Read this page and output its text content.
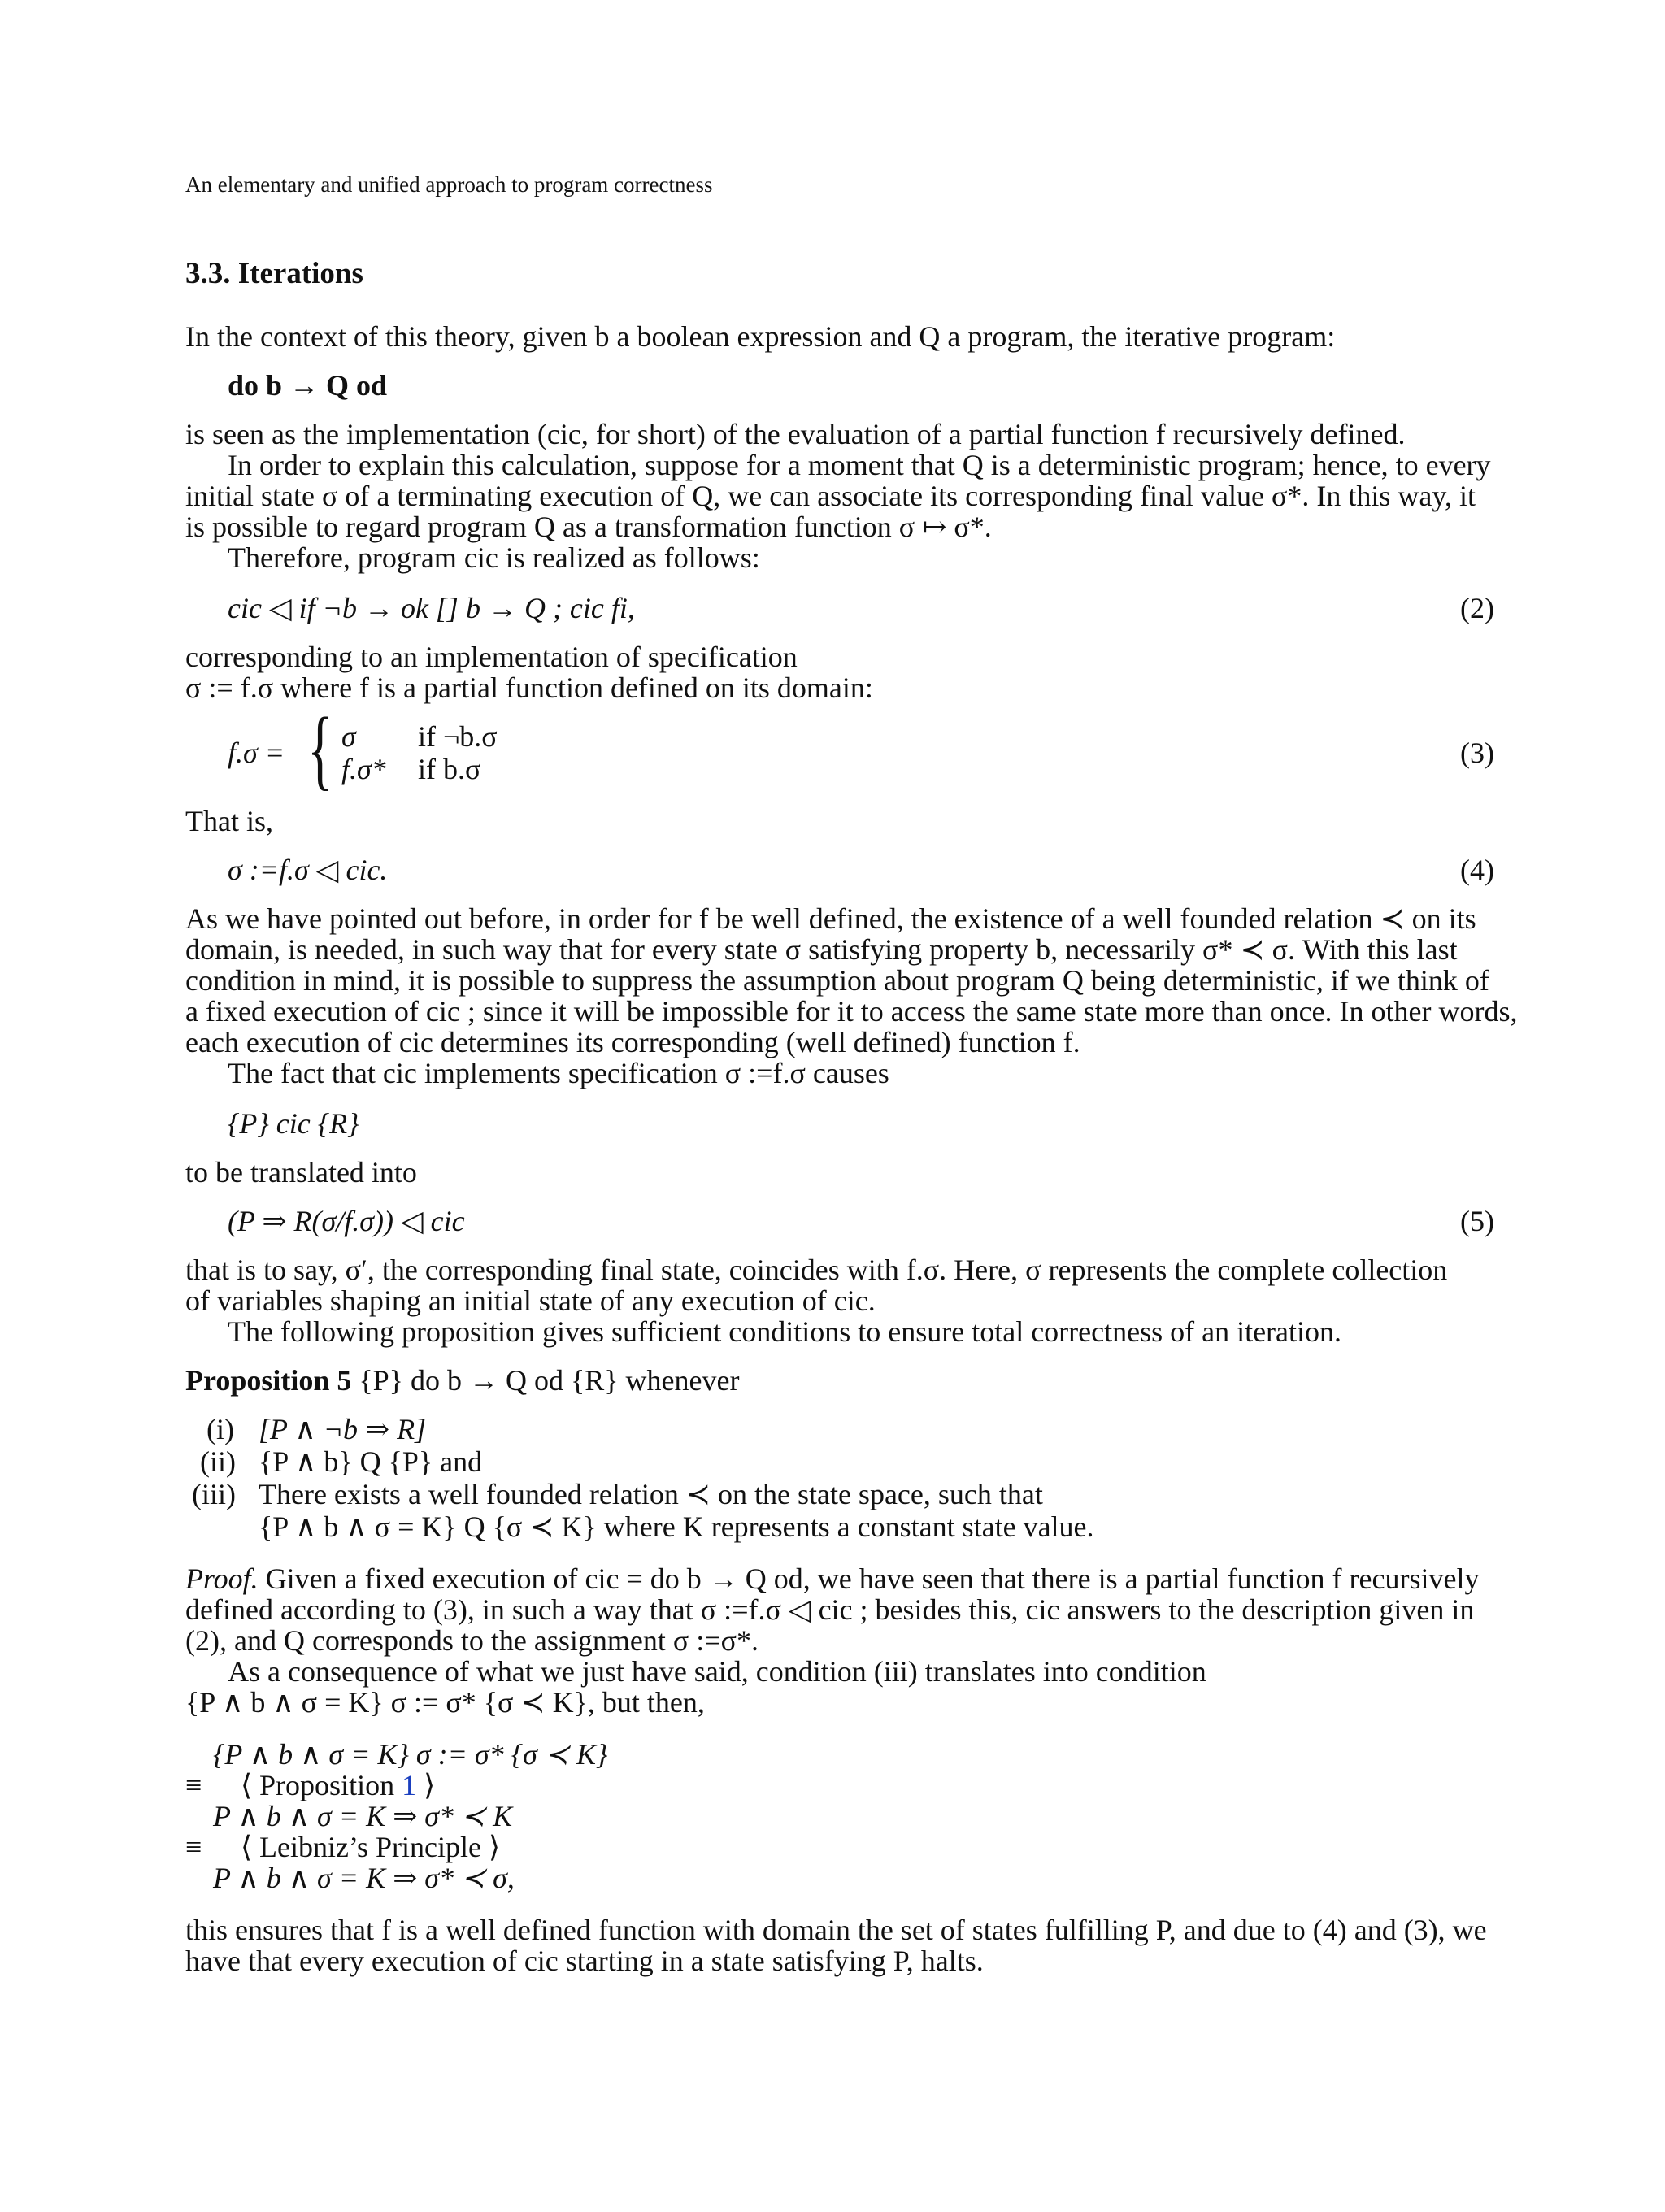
An elementary and unified approach to program correctness
3.3. Iterations
In the context of this theory, given b a boolean expression and Q a program, the iterative program:
do b → Q od
is seen as the implementation (cic, for short) of the evaluation of a partial function f recursively defined.
In order to explain this calculation, suppose for a moment that Q is a deterministic program; hence, to every
initial state σ of a terminating execution of Q, we can associate its corresponding final value σ*. In this way, it
is possible to regard program Q as a transformation function σ ↦ σ*.
Therefore, program cic is realized as follows:
cic ◁ if ¬b → ok [] b → Q ; cic fi,	(2)
corresponding to an implementation of specification
σ := f.σ where f is a partial function defined on its domain:
f.σ = { σ if ¬b.σ
f.σ* if b.σ	(3)
That is,
σ :=f.σ ◁ cic.	(4)
As we have pointed out before, in order for f be well defined, the existence of a well founded relation ≺ on its
domain, is needed, in such way that for every state σ satisfying property b, necessarily σ* ≺ σ. With this last
condition in mind, it is possible to suppress the assumption about program Q being deterministic, if we think of
a fixed execution of cic ; since it will be impossible for it to access the same state more than once. In other words,
each execution of cic determines its corresponding (well defined) function f.
The fact that cic implements specification σ :=f.σ causes
{P} cic {R}
to be translated into
(P ⇒ R(σ/f.σ)) ◁ cic	(5)
that is to say, σ′, the corresponding final state, coincides with f.σ. Here, σ represents the complete collection
of variables shaping an initial state of any execution of cic.
The following proposition gives sufficient conditions to ensure total correctness of an iteration.
Proposition 5 {P} do b → Q od {R} whenever
(i) [P ∧ ¬b ⇒ R]
(ii) {P ∧ b} Q {P} and
(iii) There exists a well founded relation ≺ on the state space, such that
{P ∧ b ∧ σ = K} Q {σ ≺ K} where K represents a constant state value.
Proof. Given a fixed execution of cic = do b → Q od, we have seen that there is a partial function f recursively
defined according to (3), in such a way that σ :=f.σ ◁ cic ; besides this, cic answers to the description given in
(2), and Q corresponds to the assignment σ :=σ*.
As a consequence of what we just have said, condition (iii) translates into condition
{P ∧ b ∧ σ = K} σ := σ* {σ ≺ K}, but then,
{P ∧ b ∧ σ = K} σ := σ* {σ ≺ K}
≡ ⟨ Proposition 1 ⟩
P ∧ b ∧ σ = K ⇒ σ* ≺ K
≡ ⟨ Leibniz’s Principle ⟩
P ∧ b ∧ σ = K ⇒ σ* ≺ σ,
this ensures that f is a well defined function with domain the set of states fulfilling P, and due to (4) and (3), we
have that every execution of cic starting in a state satisfying P, halts.
